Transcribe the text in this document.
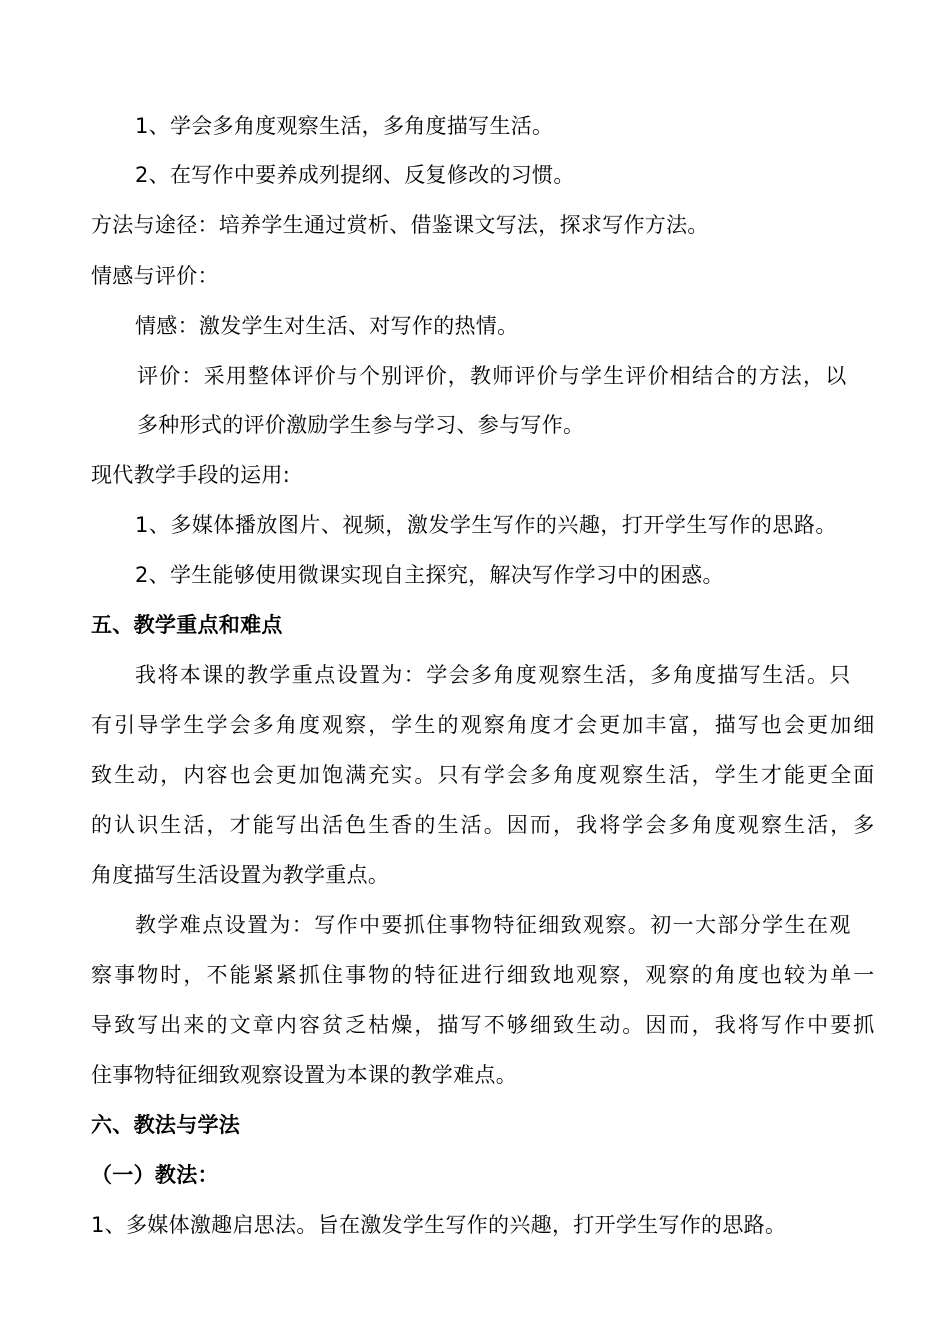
1、学会多角度观察生活，多角度描写生活。
2、在写作中要养成列提纲、反复修改的习惯。
方法与途径：培养学生通过赏析、借鉴课文写法，探求写作方法。
情感与评价：
情感：激发学生对生活、对写作的热情。
评价：采用整体评价与个别评价，教师评价与学生评价相结合的方法，以
多种形式的评价激励学生参与学习、参与写作。
现代教学手段的运用:
1、多媒体播放图片、视频，激发学生写作的兴趣，打开学生写作的思路。
2、学生能够使用微课实现自主探究，解决写作学习中的困惑。
五、教学重点和难点
我将本课的教学重点设置为：学会多角度观察生活，多角度描写生活。只
有引导学生学会多角度观察，学生的观察角度才会更加丰富，描写也会更加细
致生动，内容也会更加饱满充实。只有学会多角度观察生活，学生才能更全面
的认识生活，才能写出活色生香的生活。因而，我将学会多角度观察生活，多
角度描写生活设置为教学重点。
教学难点设置为：写作中要抓住事物特征细致观察。初一大部分学生在观
察事物时，不能紧紧抓住事物的特征进行细致地观察，观察的角度也较为单一
导致写出来的文章内容贫乏枯燥，描写不够细致生动。因而，我将写作中要抓
住事物特征细致观察设置为本课的教学难点。
六、教法与学法
（一）教法：
1、多媒体激趣启思法。旨在激发学生写作的兴趣，打开学生写作的思路。
